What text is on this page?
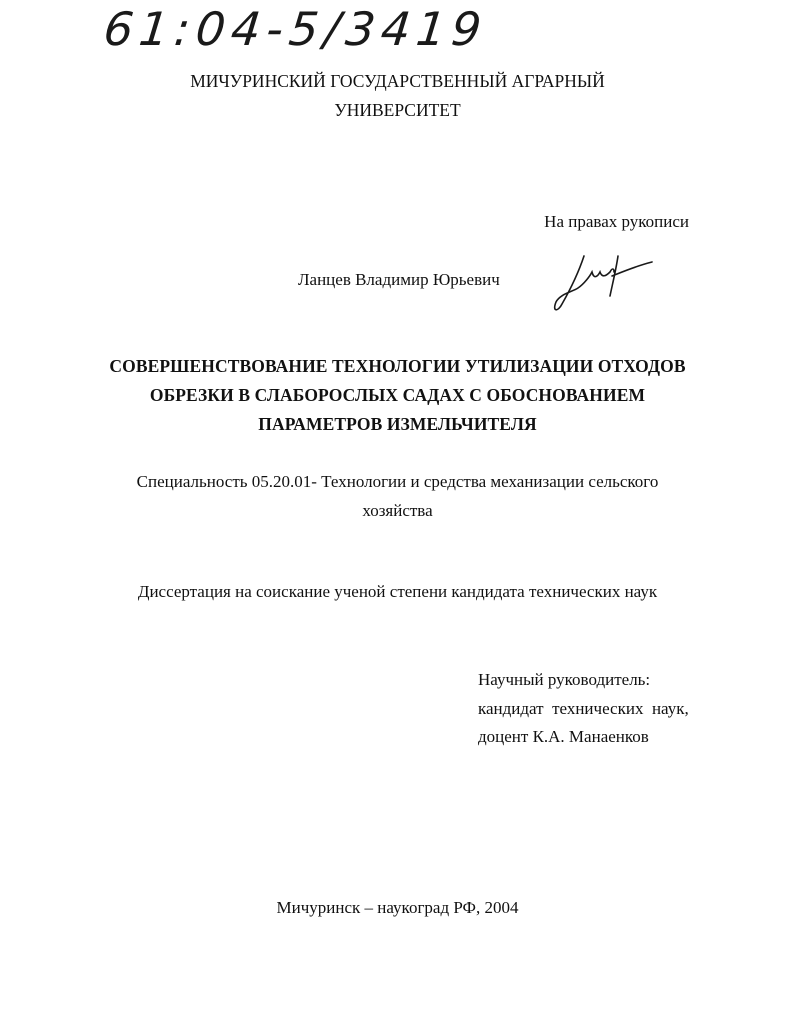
61:04-5/3419
МИЧУРИНСКИЙ ГОСУДАРСТВЕННЫЙ АГРАРНЫЙ
УНИВЕРСИТЕТ
На правах рукописи
Ланцев Владимир Юрьевич
СОВЕРШЕНСТВОВАНИЕ ТЕХНОЛОГИИ УТИЛИЗАЦИИ ОТХОДОВ
ОБРЕЗКИ В СЛАБОРОСЛЫХ САДАХ С ОБОСНОВАНИЕМ
ПАРАМЕТРОВ ИЗМЕЛЬЧИТЕЛЯ
Специальность 05.20.01- Технологии и средства механизации сельского
хозяйства
Диссертация на соискание ученой степени кандидата технических наук
Научный руководитель:
кандидат  технических  наук,
доцент К.А. Манаенков
Мичуринск – наукоград РФ, 2004
